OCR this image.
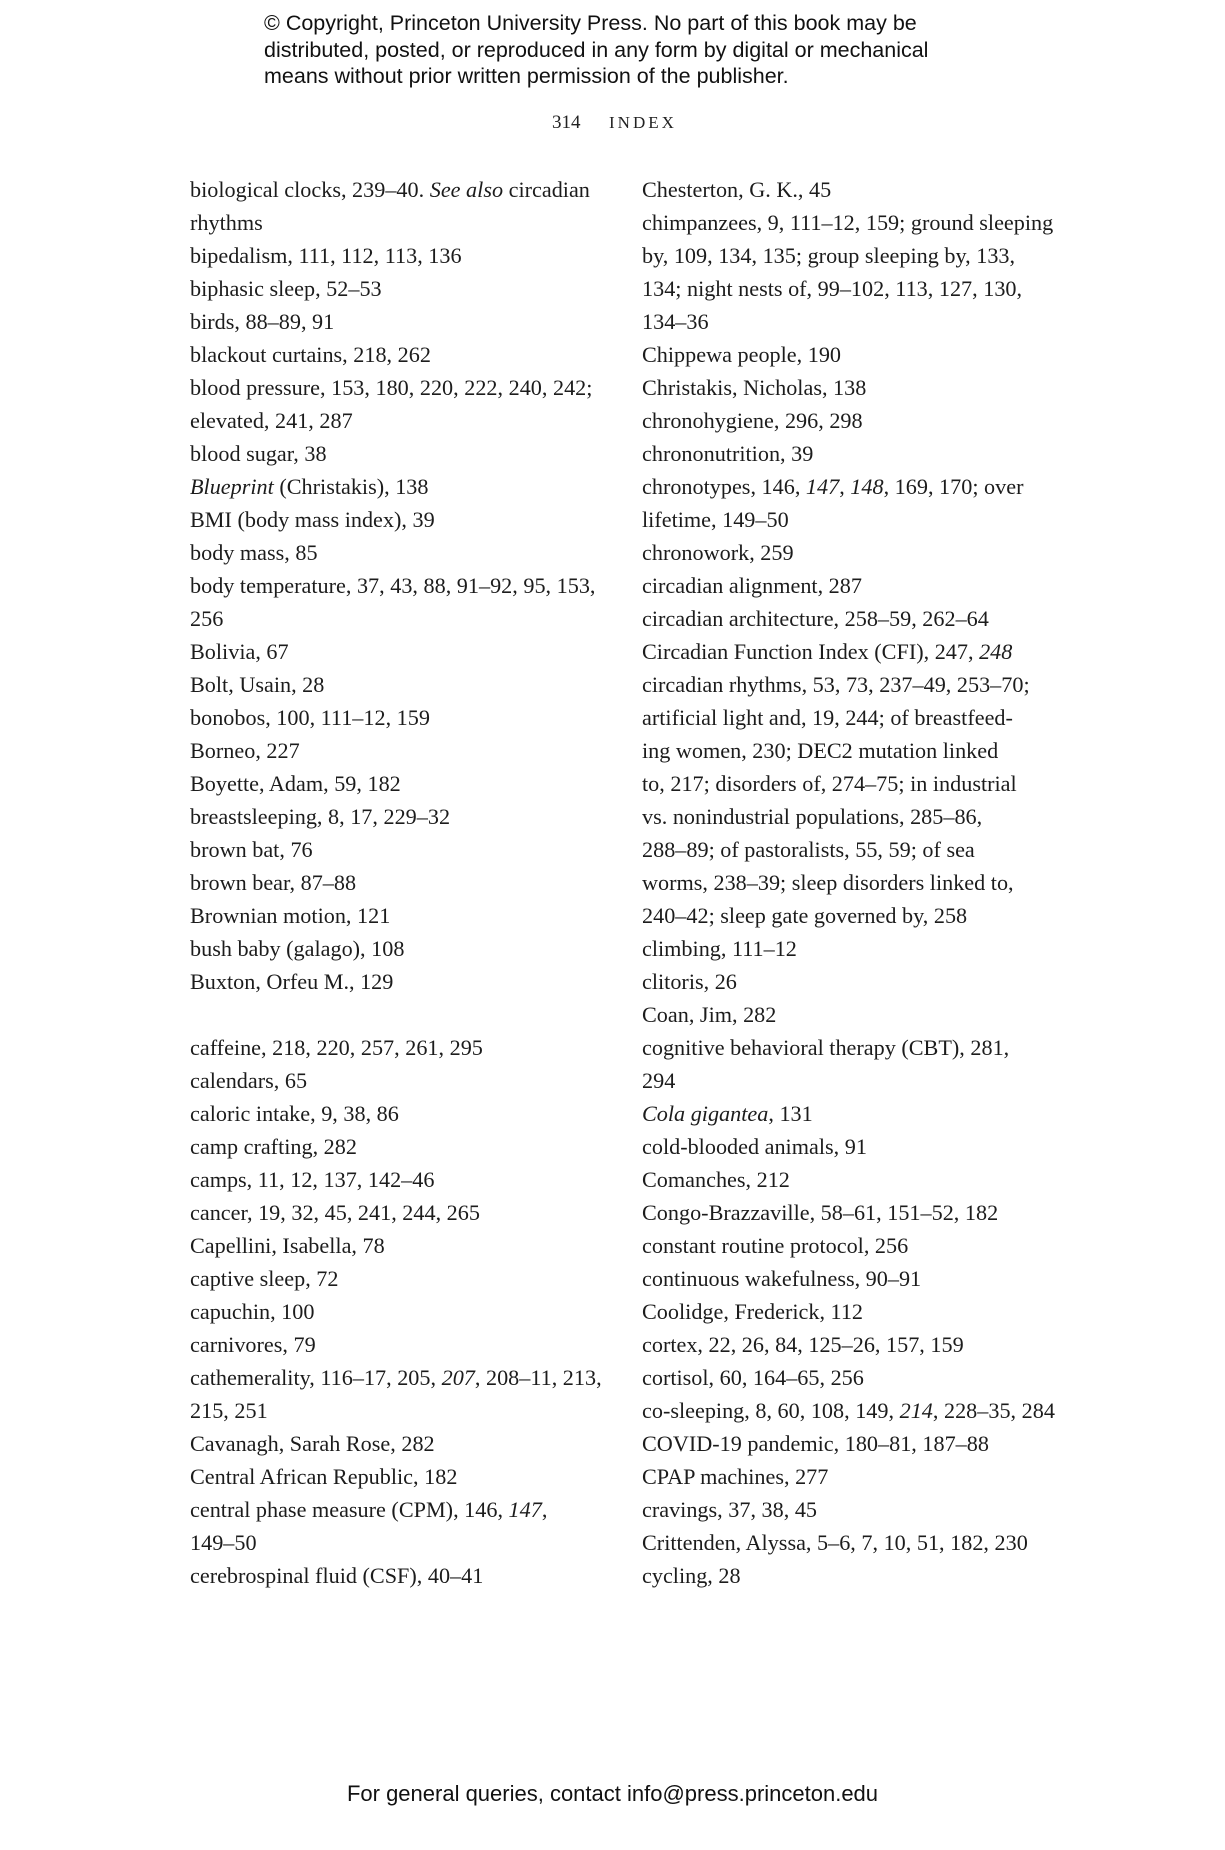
© Copyright, Princeton University Press. No part of this book may be
distributed, posted, or reproduced in any form by digital or mechanical
means without prior written permission of the publisher.
314 INDEX
biological clocks, 239–40. See also circadian
rhythms
bipedalism, 111, 112, 113, 136
biphasic sleep, 52–53
birds, 88–89, 91
blackout curtains, 218, 262
blood pressure, 153, 180, 220, 222, 240, 242;
elevated, 241, 287
blood sugar, 38
Blueprint (Christakis), 138
BMI (body mass index), 39
body mass, 85
body temperature, 37, 43, 88, 91–92, 95, 153,
256
Bolivia, 67
Bolt, Usain, 28
bonobos, 100, 111–12, 159
Borneo, 227
Boyette, Adam, 59, 182
breastsleeping, 8, 17, 229–32
brown bat, 76
brown bear, 87–88
Brownian motion, 121
bush baby (galago), 108
Buxton, Orfeu M., 129
caffeine, 218, 220, 257, 261, 295
calendars, 65
caloric intake, 9, 38, 86
camp crafting, 282
camps, 11, 12, 137, 142–46
cancer, 19, 32, 45, 241, 244, 265
Capellini, Isabella, 78
captive sleep, 72
capuchin, 100
carnivores, 79
cathemerality, 116–17, 205, 207, 208–11, 213,
215, 251
Cavanagh, Sarah Rose, 282
Central African Republic, 182
central phase measure (CPM), 146, 147,
149–50
cerebrospinal fluid (CSF), 40–41
Chesterton, G. K., 45
chimpanzees, 9, 111–12, 159; ground sleeping
by, 109, 134, 135; group sleeping by, 133,
134; night nests of, 99–102, 113, 127, 130,
134–36
Chippewa people, 190
Christakis, Nicholas, 138
chronohygiene, 296, 298
chrononutrition, 39
chronotypes, 146, 147, 148, 169, 170; over
lifetime, 149–50
chronowork, 259
circadian alignment, 287
circadian architecture, 258–59, 262–64
Circadian Function Index (CFI), 247, 248
circadian rhythms, 53, 73, 237–49, 253–70;
artificial light and, 19, 244; of breastfeed-
ing women, 230; DEC2 mutation linked
to, 217; disorders of, 274–75; in industrial
vs. nonindustrial populations, 285–86,
288–89; of pastoralists, 55, 59; of sea
worms, 238–39; sleep disorders linked to,
240–42; sleep gate governed by, 258
climbing, 111–12
clitoris, 26
Coan, Jim, 282
cognitive behavioral therapy (CBT), 281,
294
Cola gigantea, 131
cold-blooded animals, 91
Comanches, 212
Congo-Brazzaville, 58–61, 151–52, 182
constant routine protocol, 256
continuous wakefulness, 90–91
Coolidge, Frederick, 112
cortex, 22, 26, 84, 125–26, 157, 159
cortisol, 60, 164–65, 256
co-sleeping, 8, 60, 108, 149, 214, 228–35, 284
COVID-19 pandemic, 180–81, 187–88
CPAP machines, 277
cravings, 37, 38, 45
Crittenden, Alyssa, 5–6, 7, 10, 51, 182, 230
cycling, 28
For general queries, contact info@press.princeton.edu
